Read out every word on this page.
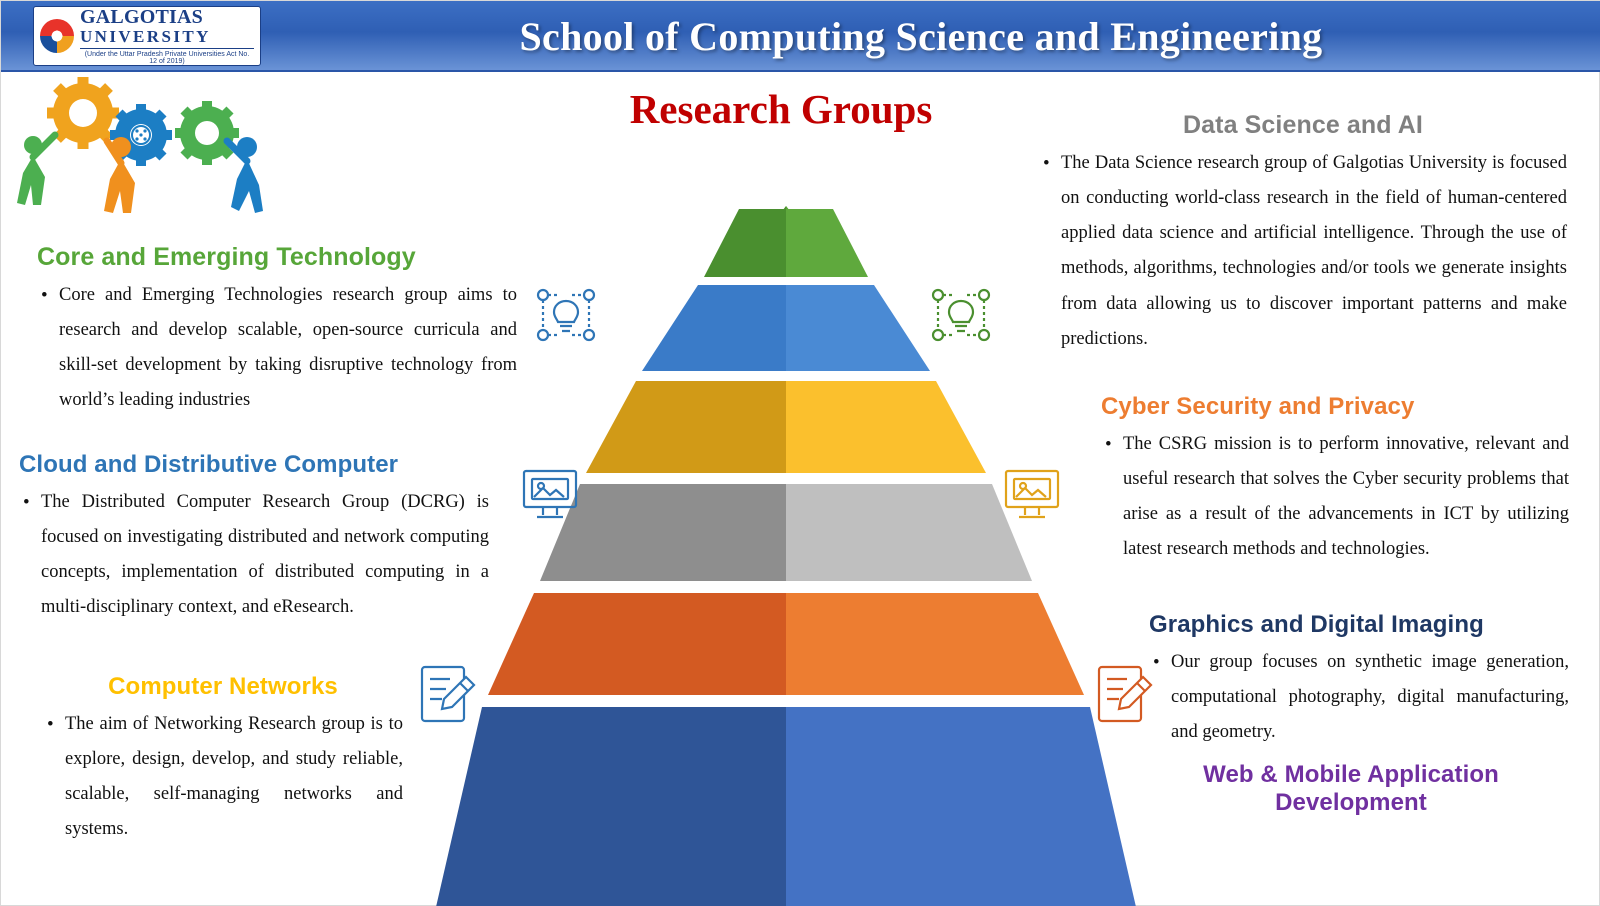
GALGOTIAS
UNIVERSITY
(Under the Uttar Pradesh Private Universities Act No. 12 of 2019)
School of Computing Science and Engineering
Research Groups
Core and Emerging Technology
• Core and Emerging Technologies research group aims to research and develop scalable, open-source curricula and skill-set development by taking disruptive technology from world’s leading industries
Cloud and Distributive Computer
• The Distributed Computer Research Group (DCRG) is focused on investigating distributed and network computing concepts, implementation of distributed computing in a multi-disciplinary context, and eResearch.
Computer Networks
• The aim of Networking Research group is to explore, design, develop, and study reliable, scalable, self-managing networks and systems.
Data Science and AI
• The Data Science research group of Galgotias University is focused on conducting world-class research in the field of human-centered applied data science and artificial intelligence. Through the use of methods, algorithms, technologies and/or tools we generate insights from data allowing us to discover important patterns and make predictions.
Cyber Security and Privacy
• The CSRG mission is to perform innovative, relevant and useful research that solves the Cyber security problems that arise as a result of the advancements in ICT by utilizing latest research methods and technologies.
Graphics and Digital Imaging
• Our group focuses on synthetic image generation, computational photography, digital manufacturing, and geometry.
Web & Mobile Application Development
